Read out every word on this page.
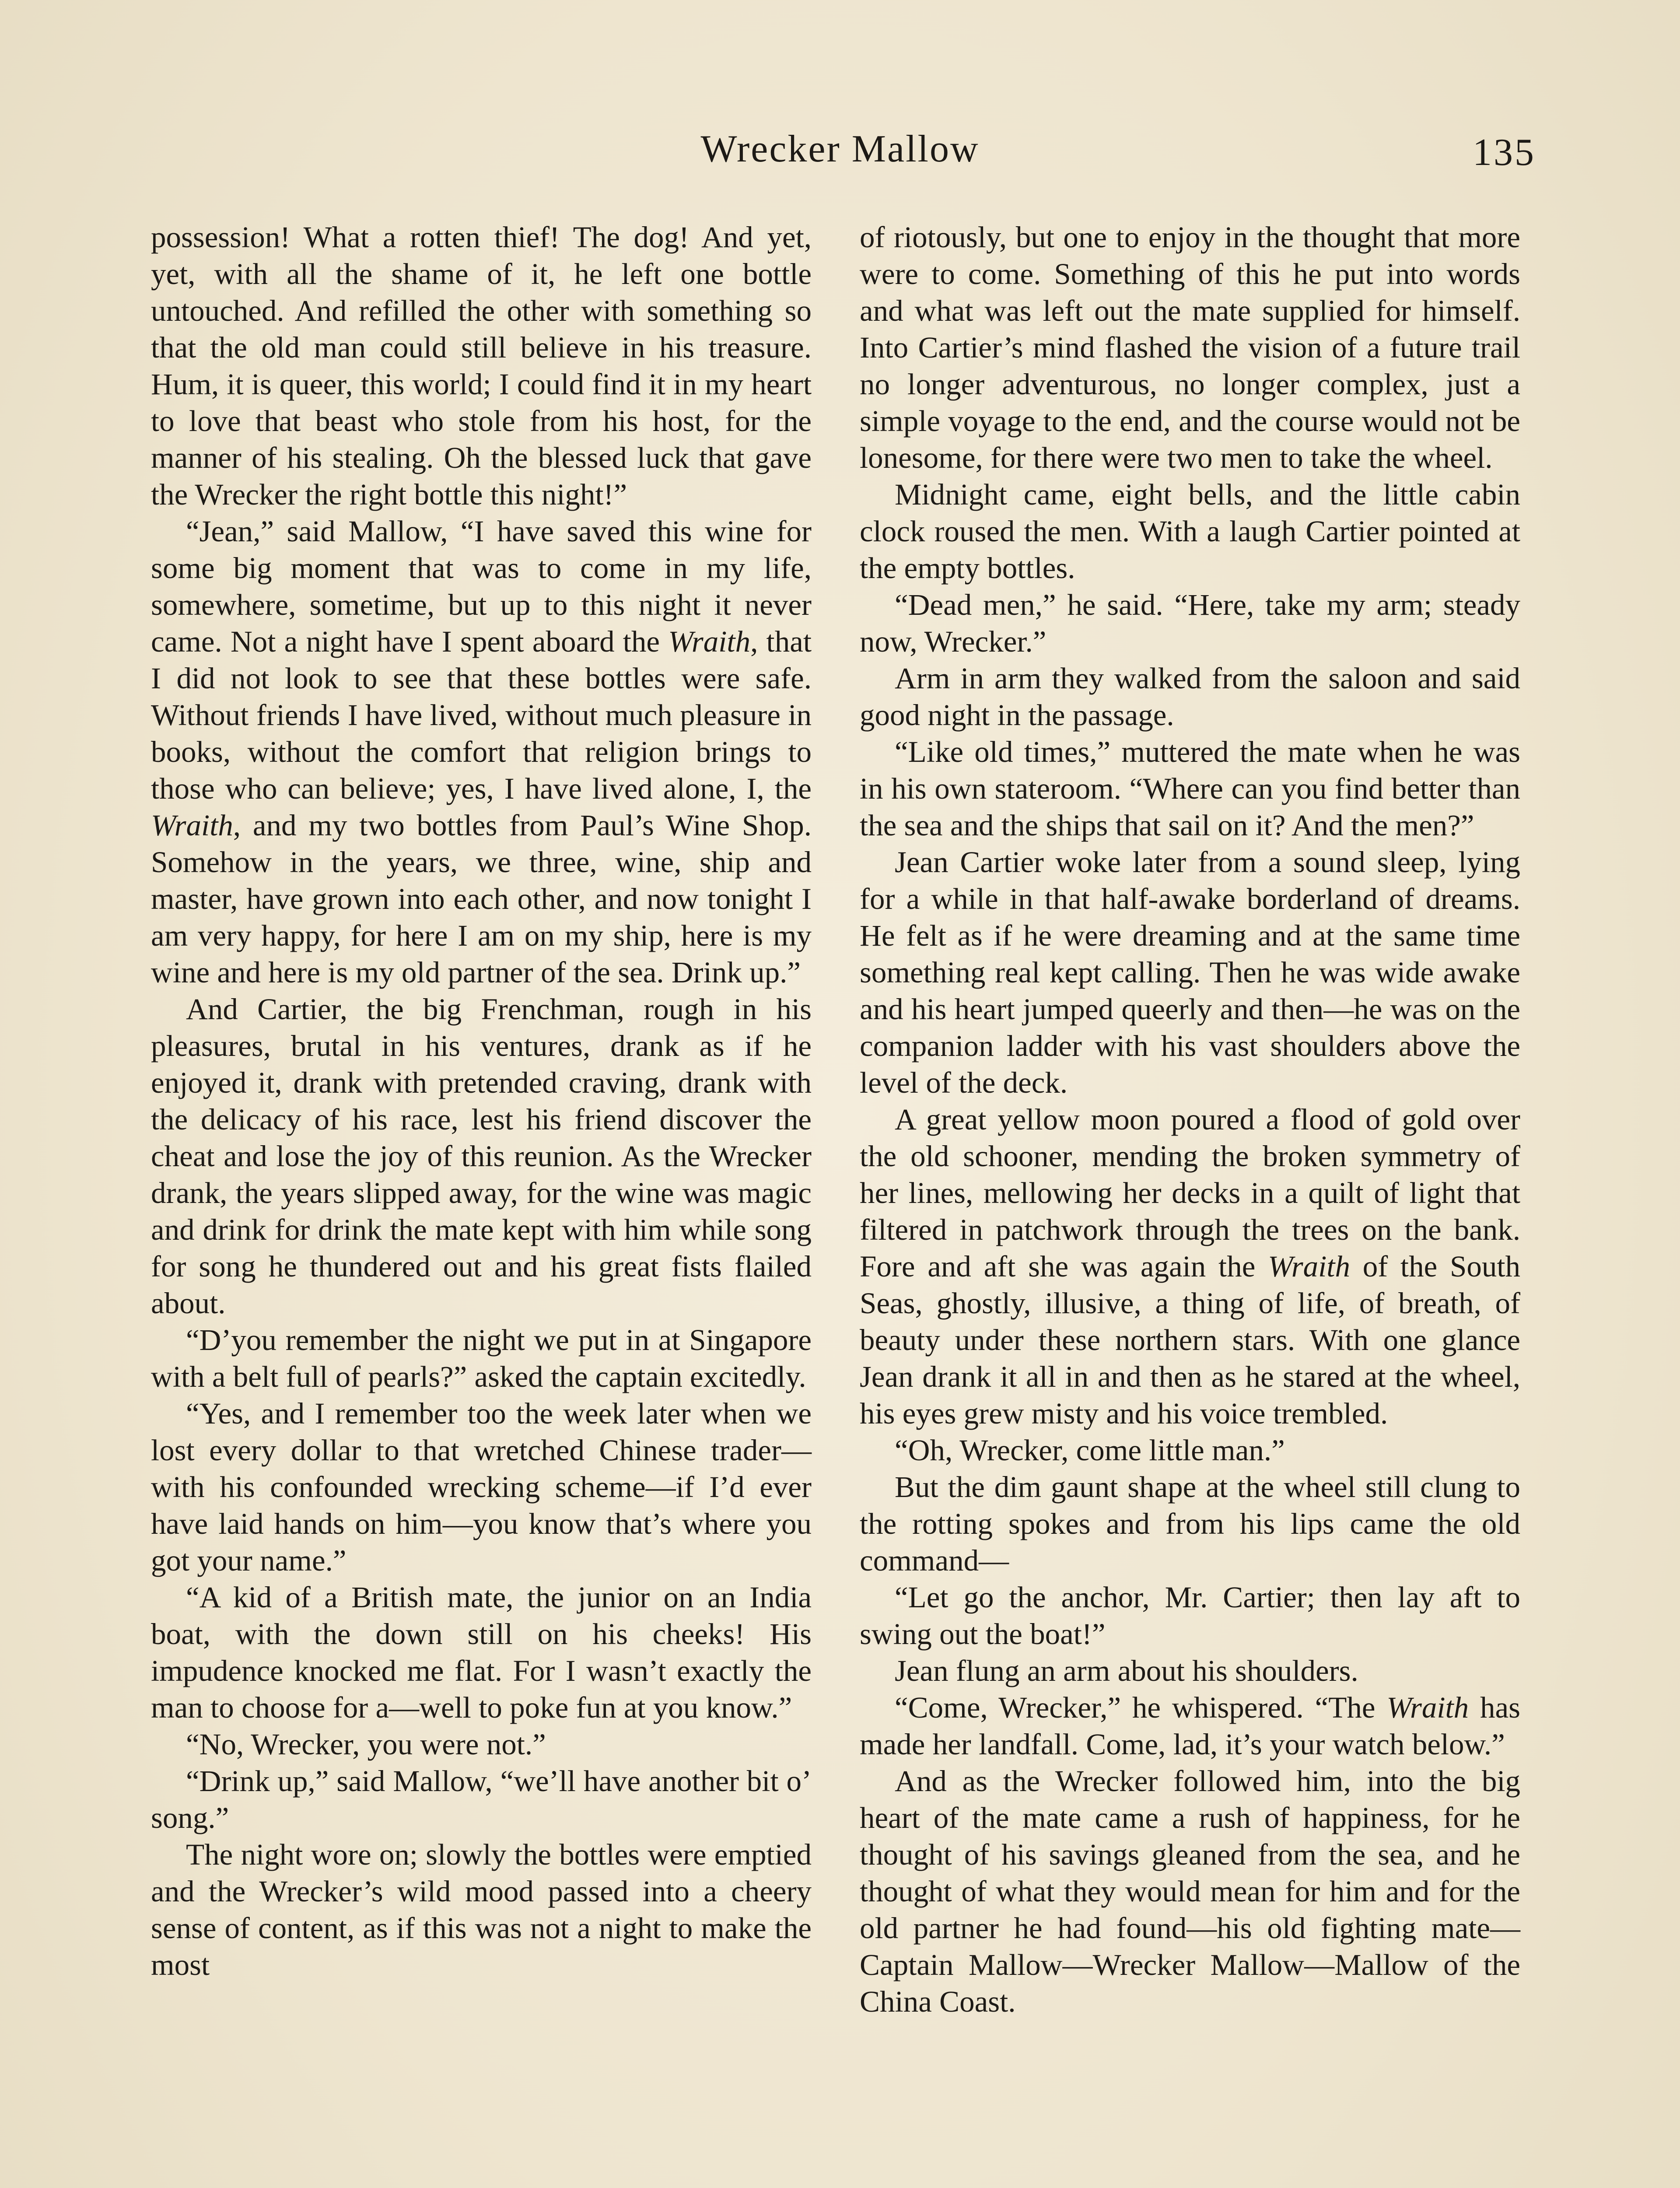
Wrecker Mallow	135

possession! What a rotten thief! The dog! And yet, yet, with all the shame of it, he left one bottle untouched. And refilled the other with something so that the old man could still believe in his treasure. Hum, it is queer, this world; I could find it in my heart to love that beast who stole from his host, for the manner of his stealing. Oh the blessed luck that gave the Wrecker the right bottle this night!”

“Jean,” said Mallow, “I have saved this wine for some big moment that was to come in my life, somewhere, sometime, but up to this night it never came. Not a night have I spent aboard the Wraith, that I did not look to see that these bottles were safe. Without friends I have lived, without much pleasure in books, without the comfort that religion brings to those who can believe; yes, I have lived alone, I, the Wraith, and my two bottles from Paul’s Wine Shop. Somehow in the years, we three, wine, ship and master, have grown into each other, and now tonight I am very happy, for here I am on my ship, here is my wine and here is my old partner of the sea. Drink up.”

And Cartier, the big Frenchman, rough in his pleasures, brutal in his ventures, drank as if he enjoyed it, drank with pretended craving, drank with the delicacy of his race, lest his friend discover the cheat and lose the joy of this reunion. As the Wrecker drank, the years slipped away, for the wine was magic and drink for drink the mate kept with him while song for song he thundered out and his great fists flailed about.

“D’you remember the night we put in at Singapore with a belt full of pearls?” asked the captain excitedly.

“Yes, and I remember too the week later when we lost every dollar to that wretched Chinese trader—with his confounded wrecking scheme—if I’d ever have laid hands on him—you know that’s where you got your name.”

“A kid of a British mate, the junior on an India boat, with the down still on his cheeks! His impudence knocked me flat. For I wasn’t exactly the man to choose for a—well to poke fun at you know.”

“No, Wrecker, you were not.”

“Drink up,” said Mallow, “we’ll have another bit o’ song.”

The night wore on; slowly the bottles were emptied and the Wrecker’s wild mood passed into a cheery sense of content, as if this was not a night to make the most

of riotously, but one to enjoy in the thought that more were to come. Something of this he put into words and what was left out the mate supplied for himself. Into Cartier’s mind flashed the vision of a future trail no longer adventurous, no longer complex, just a simple voyage to the end, and the course would not be lonesome, for there were two men to take the wheel.

Midnight came, eight bells, and the little cabin clock roused the men. With a laugh Cartier pointed at the empty bottles.

“Dead men,” he said. “Here, take my arm; steady now, Wrecker.”

Arm in arm they walked from the saloon and said good night in the passage.

“Like old times,” muttered the mate when he was in his own stateroom. “Where can you find better than the sea and the ships that sail on it? And the men?”

Jean Cartier woke later from a sound sleep, lying for a while in that half-awake borderland of dreams. He felt as if he were dreaming and at the same time something real kept calling. Then he was wide awake and his heart jumped queerly and then—he was on the companion ladder with his vast shoulders above the level of the deck.

A great yellow moon poured a flood of gold over the old schooner, mending the broken symmetry of her lines, mellowing her decks in a quilt of light that filtered in patchwork through the trees on the bank. Fore and aft she was again the Wraith of the South Seas, ghostly, illusive, a thing of life, of breath, of beauty under these northern stars. With one glance Jean drank it all in and then as he stared at the wheel, his eyes grew misty and his voice trembled.

“Oh, Wrecker, come little man.”

But the dim gaunt shape at the wheel still clung to the rotting spokes and from his lips came the old command—

“Let go the anchor, Mr. Cartier; then lay aft to swing out the boat!”

Jean flung an arm about his shoulders.

“Come, Wrecker,” he whispered. “The Wraith has made her landfall. Come, lad, it’s your watch below.”

And as the Wrecker followed him, into the big heart of the mate came a rush of happiness, for he thought of his savings gleaned from the sea, and he thought of what they would mean for him and for the old partner he had found—his old fighting mate—Captain Mallow—Wrecker Mallow—Mallow of the China Coast.
